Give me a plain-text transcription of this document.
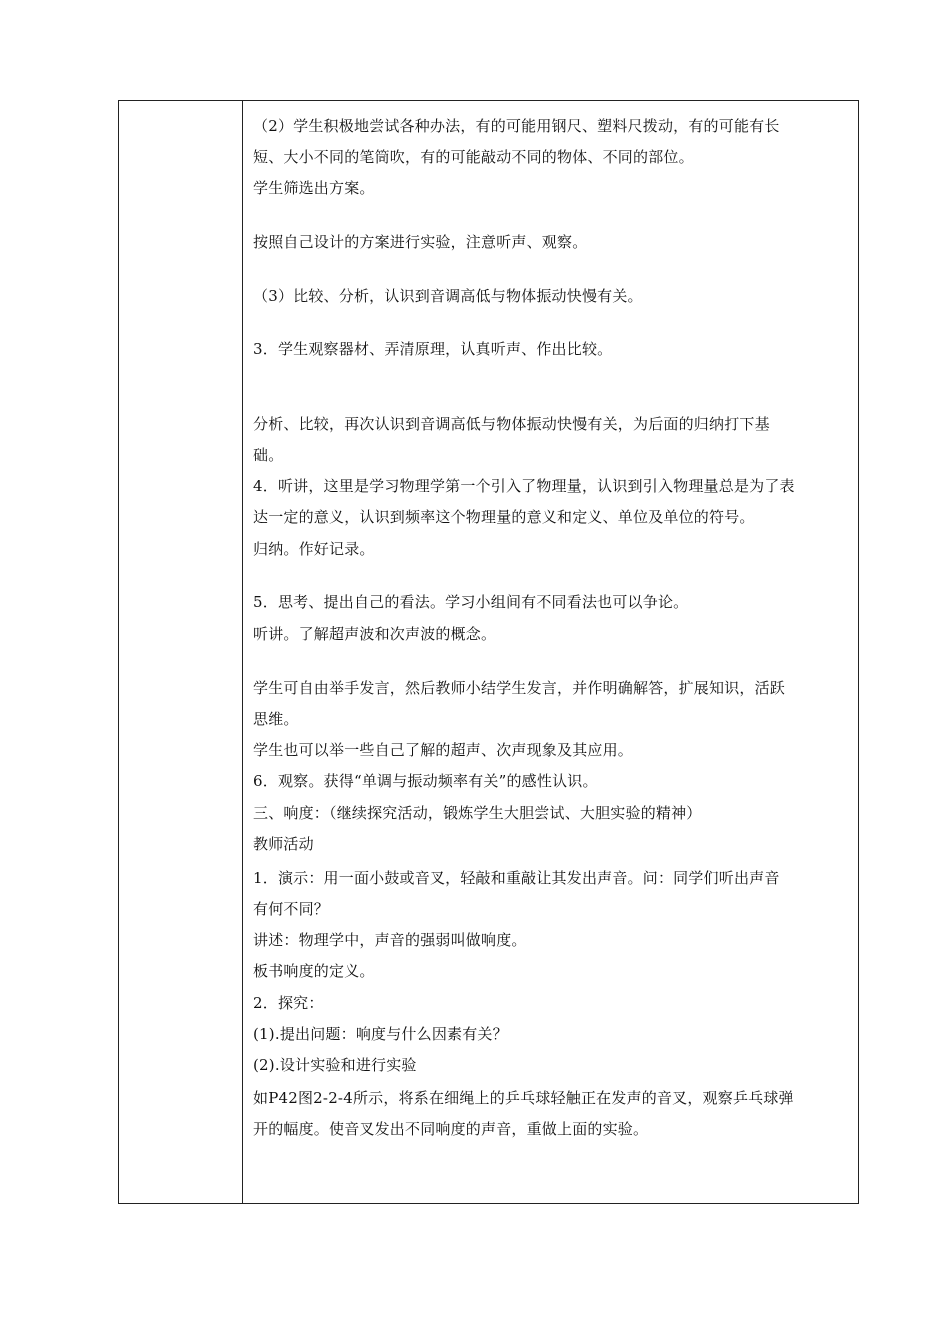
（2）学生积极地尝试各种办法，有的可能用钢尺、塑料尺拨动，有的可能有长
短、大小不同的笔筒吹，有的可能敲动不同的物体、不同的部位。
学生筛选出方案。
按照自己设计的方案进行实验，注意听声、观察。
（3）比较、分析，认识到音调高低与物体振动快慢有关。
3．学生观察器材、弄清原理，认真听声、作出比较。
分析、比较，再次认识到音调高低与物体振动快慢有关，为后面的归纳打下基
础。
4．听讲，这里是学习物理学第一个引入了物理量，认识到引入物理量总是为了表
达一定的意义，认识到频率这个物理量的意义和定义、单位及单位的符号。
归纳。作好记录。
5．思考、提出自己的看法。学习小组间有不同看法也可以争论。
听讲。了解超声波和次声波的概念。
学生可自由举手发言，然后教师小结学生发言，并作明确解答，扩展知识，活跃
思维。
学生也可以举一些自己了解的超声、次声现象及其应用。
6．观察。获得“单调与振动频率有关”的感性认识。
三、响度：（继续探究活动，锻炼学生大胆尝试、大胆实验的精神）
教师活动
1．演示：用一面小鼓或音叉，轻敲和重敲让其发出声音。问：同学们听出声音
有何不同？
讲述：物理学中，声音的强弱叫做响度。
板书响度的定义。
2．探究：
(1).提出问题：响度与什么因素有关？
(2).设计实验和进行实验
如P42图2-2-4所示，将系在细绳上的乒乓球轻触正在发声的音叉，观察乒乓球弹
开的幅度。使音叉发出不同响度的声音，重做上面的实验。
